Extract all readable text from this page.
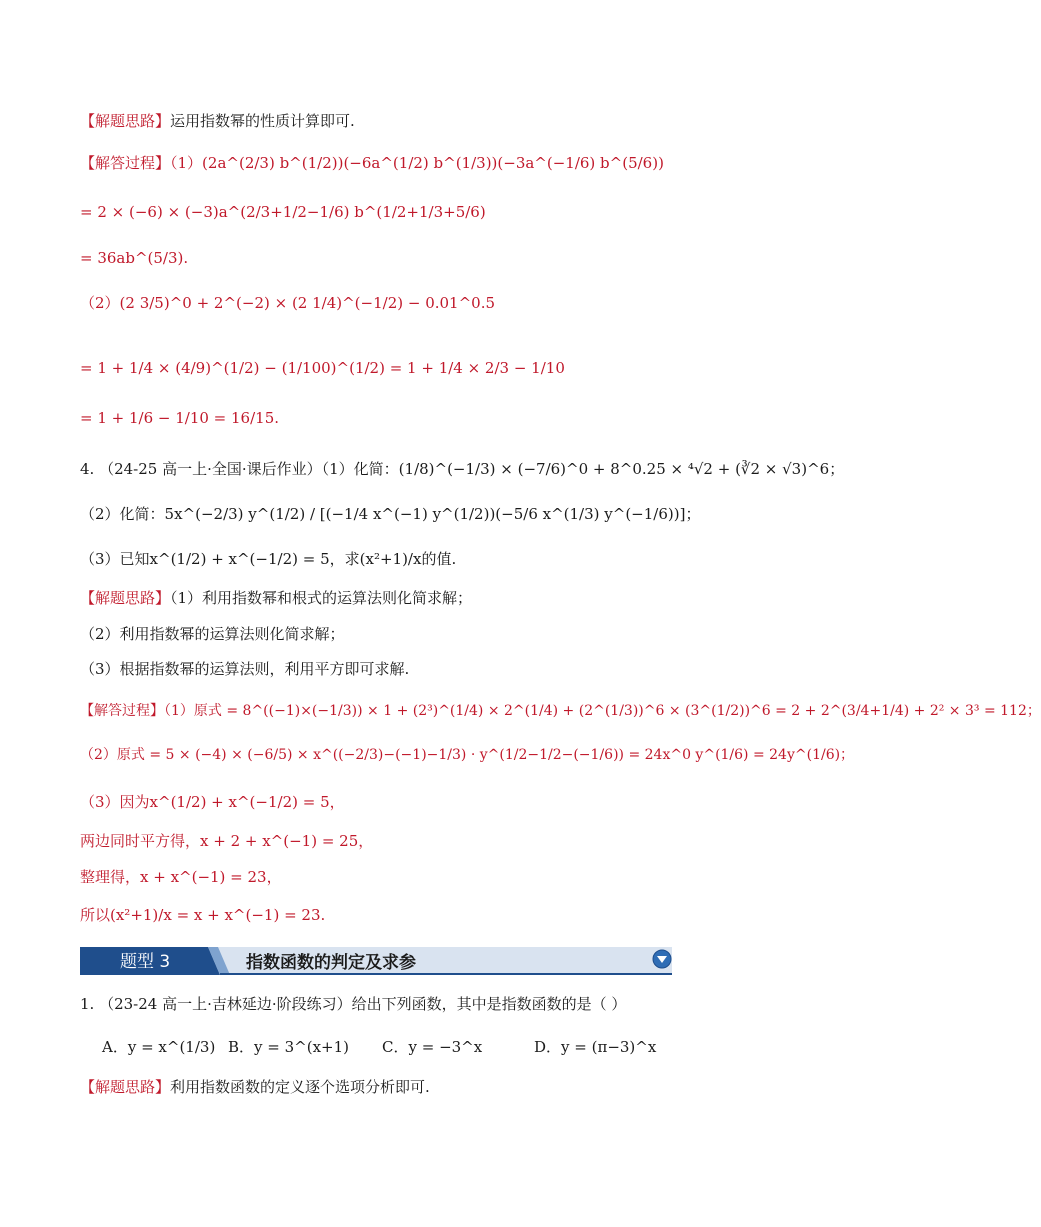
【解题思路】运用指数幂的性质计算即可.
【解答过程】（1）(2a^(2/3) b^(1/2))(−6a^(1/2) b^(1/3))(−3a^(−1/6) b^(5/6))
= 2 × (−6) × (−3)a^(2/3+1/2−1/6) b^(1/2+1/3+5/6)
= 36ab^(5/3).
（2）(2 3/5)^0 + 2^(−2) × (2 1/4)^(−1/2) − 0.01^0.5
= 1 + 1/4 × (4/9)^(1/2) − (1/100)^(1/2) = 1 + 1/4 × 2/3 − 1/10
= 1 + 1/6 − 1/10 = 16/15.
4. （24-25 高一上·全国·课后作业）（1）化简：(1/8)^(−1/3) × (−7/6)^0 + 8^0.25 × ⁴√2 + (∛2 × √3)^6；
（2）化简：5x^(−2/3) y^(1/2) / [(−1/4 x^(−1) y^(1/2))(−5/6 x^(1/3) y^(−1/6))]；
（3）已知x^(1/2) + x^(−1/2) = 5，求(x²+1)/x的值.
【解题思路】（1）利用指数幂和根式的运算法则化简求解；
（2）利用指数幂的运算法则化简求解；
（3）根据指数幂的运算法则，利用平方即可求解.
【解答过程】（1）原式 = 8^((−1)×(−1/3)) × 1 + (2³)^(1/4) × 2^(1/4) + (2^(1/3))^6 × (3^(1/2))^6 = 2 + 2^(3/4+1/4) + 2² × 3³ = 112；
（2）原式 = 5 × (−4) × (−6/5) × x^((−2/3)−(−1)−1/3) · y^(1/2−1/2−(−1/6)) = 24x^0 y^(1/6) = 24y^(1/6)；
（3）因为x^(1/2) + x^(−1/2) = 5，
两边同时平方得，x + 2 + x^(−1) = 25，
整理得，x + x^(−1) = 23，
所以(x²+1)/x = x + x^(−1) = 23.
题型 3	指数函数的判定及求参
1. （23-24 高一上·吉林延边·阶段练习）给出下列函数，其中是指数函数的是（ ）
A．y = x^(1/3) B．y = 3^(x+1) C．y = −3^x	D．y = (π−3)^x
【解题思路】利用指数函数的定义逐个选项分析即可.
